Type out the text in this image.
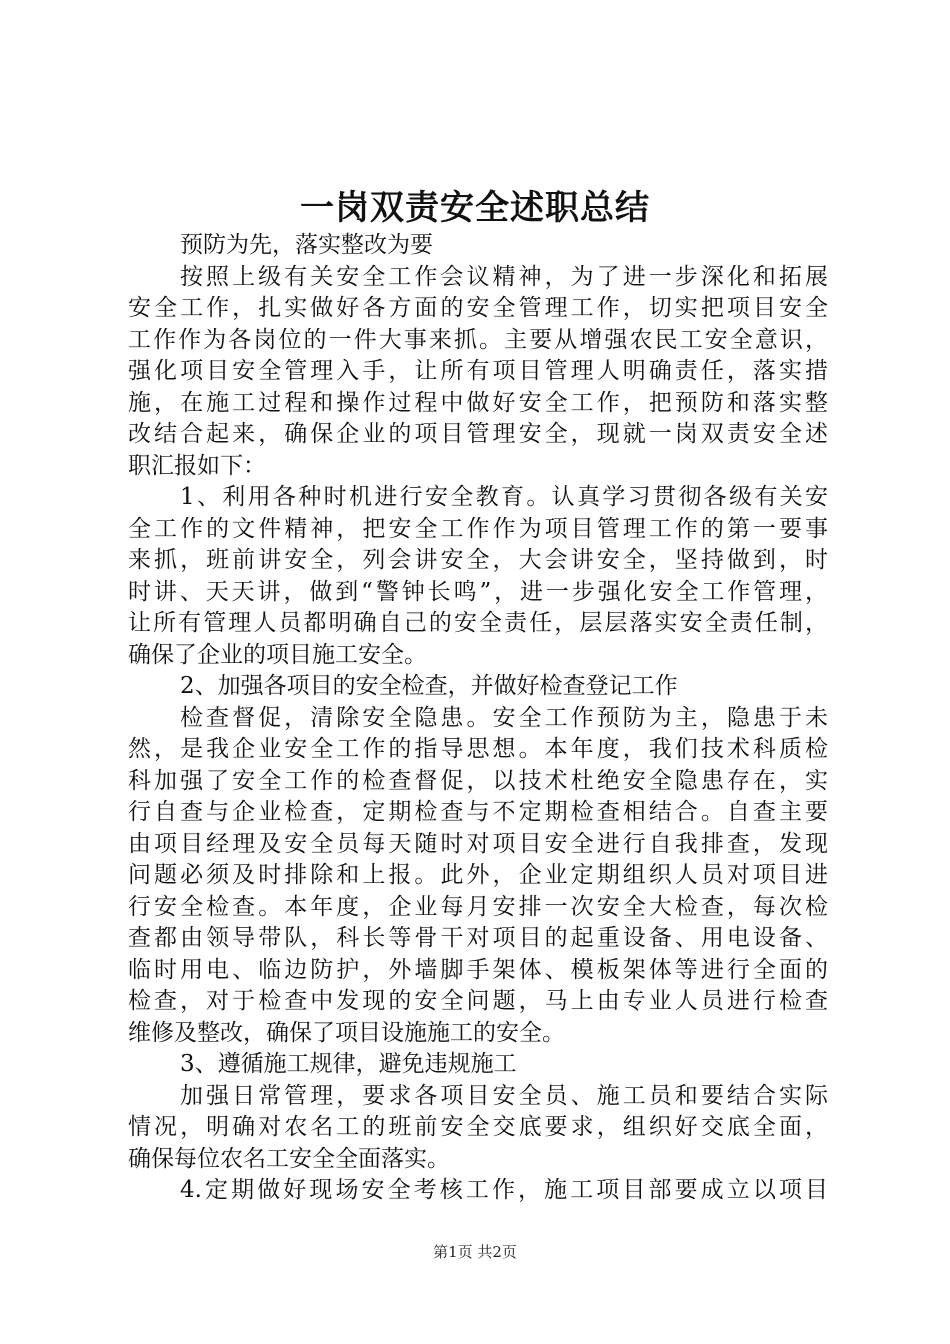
一岗双责安全述职总结
预防为先，落实整改为要
按照上级有关安全工作会议精神，为了进一步深化和拓展
安全工作，扎实做好各方面的安全管理工作，切实把项目安全
工作作为各岗位的一件大事来抓。主要从增强农民工安全意识，
强化项目安全管理入手，让所有项目管理人明确责任，落实措
施，在施工过程和操作过程中做好安全工作，把预防和落实整
改结合起来，确保企业的项目管理安全，现就一岗双责安全述
职汇报如下：
1、利用各种时机进行安全教育。认真学习贯彻各级有关安
全工作的文件精神，把安全工作作为项目管理工作的第一要事
来抓，班前讲安全，列会讲安全，大会讲安全，坚持做到，时
时讲、天天讲，做到“警钟长鸣”，进一步强化安全工作管理，
让所有管理人员都明确自己的安全责任，层层落实安全责任制，
确保了企业的项目施工安全。
2、加强各项目的安全检查，并做好检查登记工作
检查督促，清除安全隐患。安全工作预防为主，隐患于未
然，是我企业安全工作的指导思想。本年度，我们技术科质检
科加强了安全工作的检查督促，以技术杜绝安全隐患存在，实
行自查与企业检查，定期检查与不定期检查相结合。自查主要
由项目经理及安全员每天随时对项目安全进行自我排查，发现
问题必须及时排除和上报。此外，企业定期组织人员对项目进
行安全检查。本年度，企业每月安排一次安全大检查，每次检
查都由领导带队，科长等骨干对项目的起重设备、用电设备、
临时用电、临边防护，外墙脚手架体、模板架体等进行全面的
检查，对于检查中发现的安全问题，马上由专业人员进行检查
维修及整改，确保了项目设施施工的安全。
3、遵循施工规律，避免违规施工
加强日常管理，要求各项目安全员、施工员和要结合实际
情况，明确对农名工的班前安全交底要求，组织好交底全面，
确保每位农名工安全全面落实。
4.定期做好现场安全考核工作，施工项目部要成立以项目
第1页 共2页
